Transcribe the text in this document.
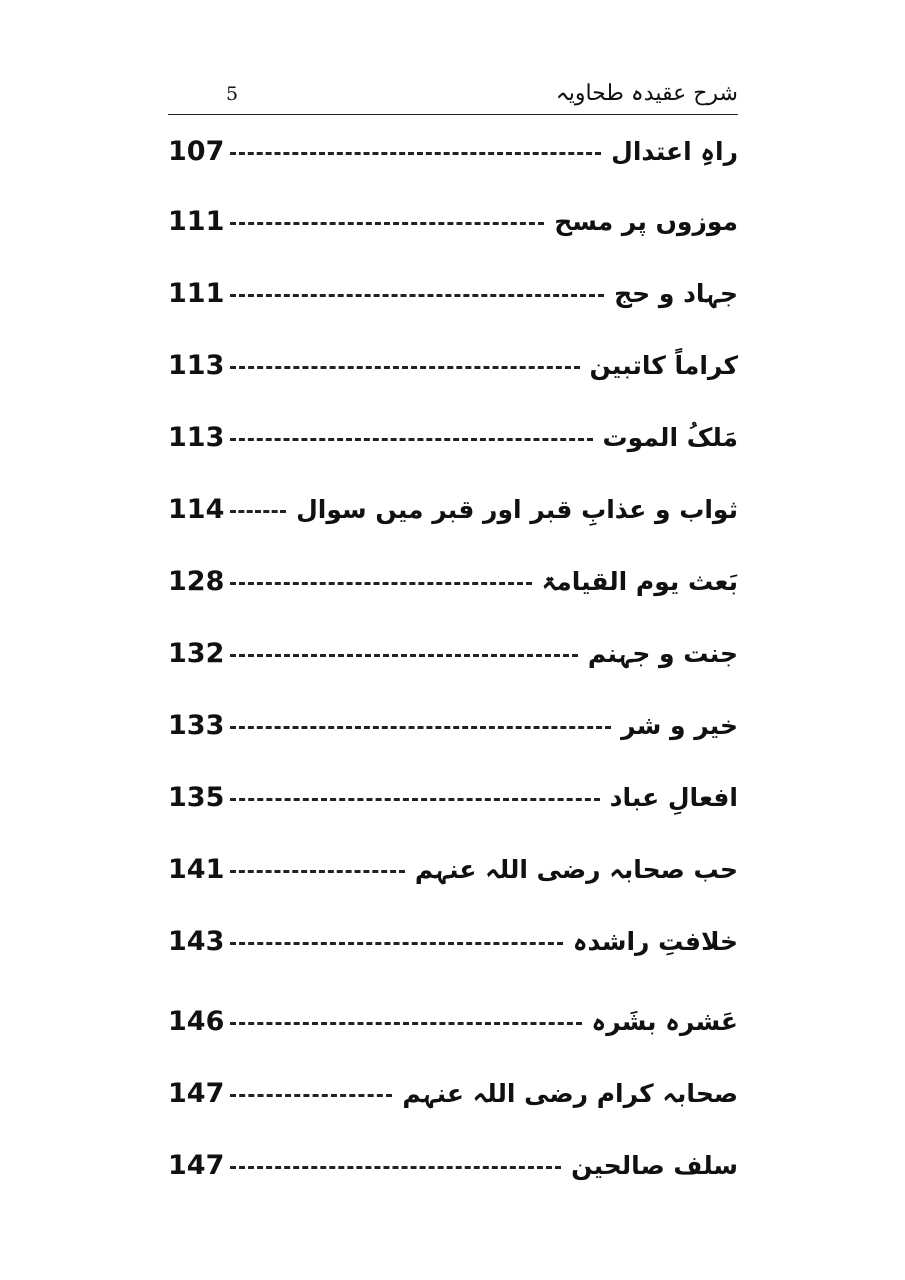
5	شرح عقیدہ طحاویہ
107	راہِ اعتدال
111	موزوں پر مسح
111	جہاد و حج
113	کراماً کاتبین
113	مَلکُ الموت
114	ثواب و عذابِ قبر اور قبر میں سوال
128	بَعث یوم القیامۃ
132	جنت و جہنم
133	خیر و شر
135	افعالِ عباد
141	حب صحابہ رضی اللہ عنہم
143	خلافتِ راشدہ
146	عَشرہ بشَرہ
147	صحابہ کرام رضی اللہ عنہم
147	سلف صالحین
